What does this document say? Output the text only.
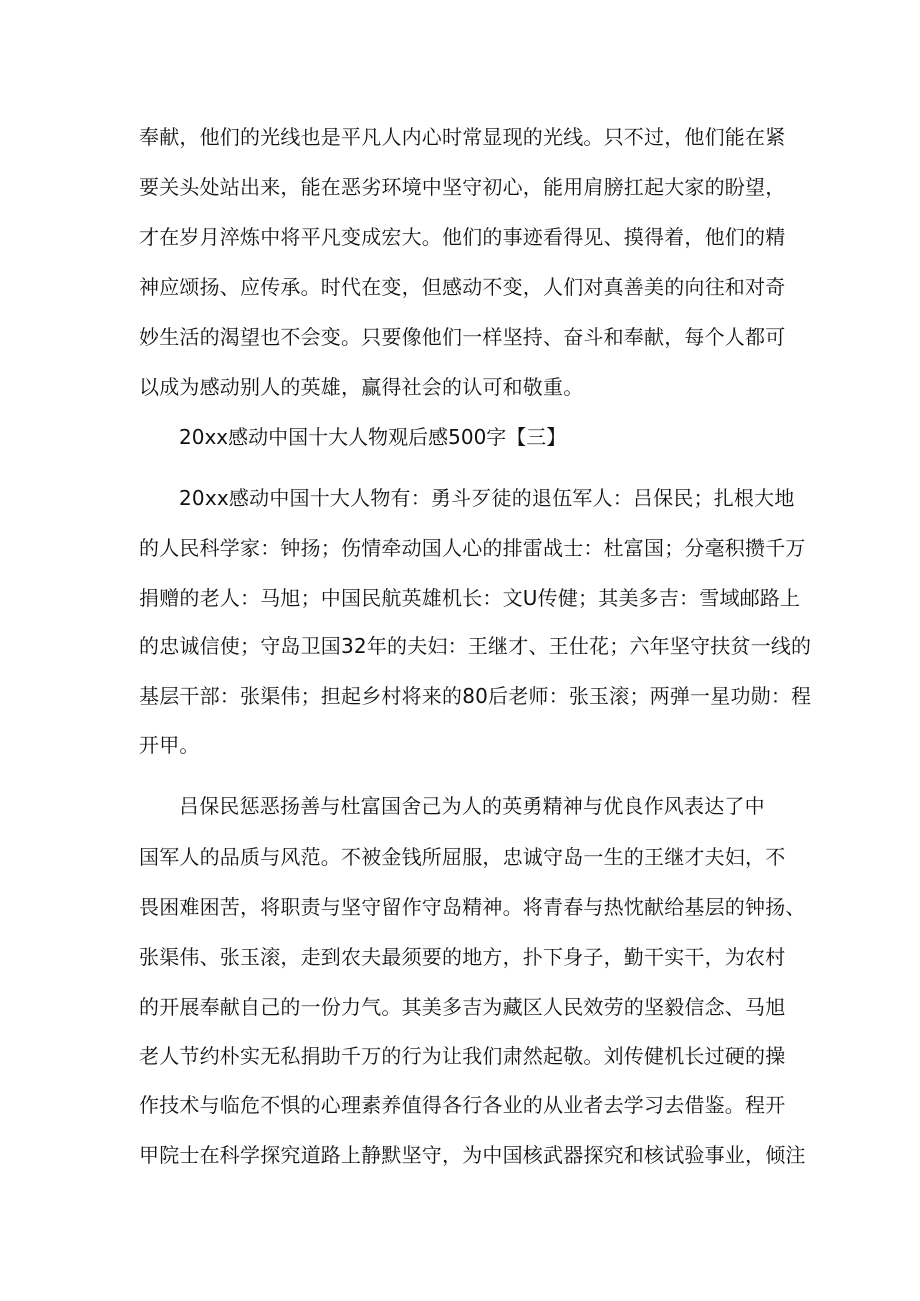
奉献，他们的光线也是平凡人内心时常显现的光线。只不过，他们能在紧
要关头处站出来，能在恶劣环境中坚守初心，能用肩膀扛起大家的盼望，
才在岁月淬炼中将平凡变成宏大。他们的事迹看得见、摸得着，他们的精
神应颂扬、应传承。时代在变，但感动不变，人们对真善美的向往和对奇
妙生活的渴望也不会变。只要像他们一样坚持、奋斗和奉献，每个人都可
以成为感动别人的英雄，赢得社会的认可和敬重。
20xx感动中国十大人物观后感500字【三】
20xx感动中国十大人物有：勇斗歹徒的退伍军人：吕保民；扎根大地
的人民科学家：钟扬；伤情牵动国人心的排雷战士：杜富国；分毫积攒千万
捐赠的老人：马旭；中国民航英雄机长：文U传健；其美多吉：雪域邮路上
的忠诚信使；守岛卫国32年的夫妇：王继才、王仕花；六年坚守扶贫一线的
基层干部：张渠伟；担起乡村将来的80后老师：张玉滚；两弹一星功勋：程
开甲。
吕保民惩恶扬善与杜富国舍己为人的英勇精神与优良作风表达了中
国军人的品质与风范。不被金钱所屈服，忠诚守岛一生的王继才夫妇，不
畏困难困苦，将职责与坚守留作守岛精神。将青春与热忱献给基层的钟扬、
张渠伟、张玉滚，走到农夫最须要的地方，扑下身子，勤干实干，为农村
的开展奉献自己的一份力气。其美多吉为藏区人民效劳的坚毅信念、马旭
老人节约朴实无私捐助千万的行为让我们肃然起敬。刘传健机长过硬的操
作技术与临危不惧的心理素养值得各行各业的从业者去学习去借鉴。程开
甲院士在科学探究道路上静默坚守，为中国核武器探究和核试验事业，倾注
